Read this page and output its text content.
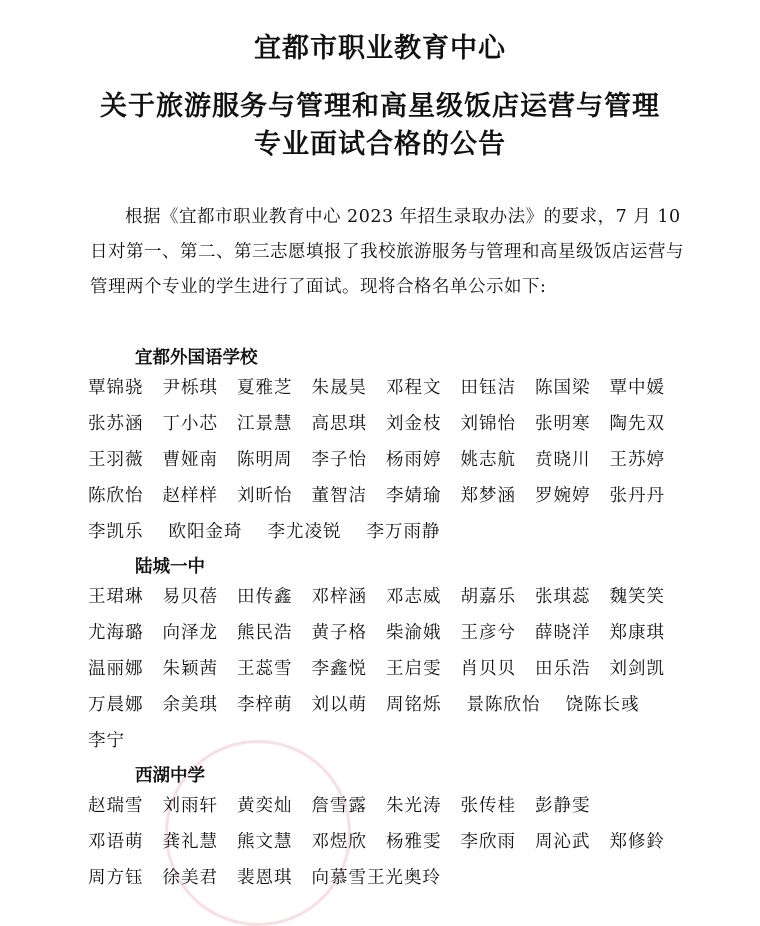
宜都市职业教育中心
关于旅游服务与管理和高星级饭店运营与管理
专业面试合格的公告
根据《宜都市职业教育中心 2023 年招生录取办法》的要求，7 月 10 日对第一、第二、第三志愿填报了我校旅游服务与管理和高星级饭店运营与管理两个专业的学生进行了面试。现将合格名单公示如下:
宜都外国语学校
覃锦骁 尹栎琪 夏雅芝 朱晟昊 邓程文 田钰洁 陈国梁 覃中媛
张苏涵 丁小芯 江景慧 高思琪 刘金枝 刘锦怡 张明寒 陶先双
王羽薇 曹娅南 陈明周 李子怡 杨雨婷 姚志航 贲晓川 王苏婷
陈欣怡 赵样样 刘昕怡 董智洁 李婧瑜 郑梦涵 罗婉婷 张丹丹
李凯乐 欧阳金琦 李尤凌锐 李万雨静
陆城一中
王珺琳 易贝蓓 田传鑫 邓梓涵 邓志威 胡嘉乐 张琪蕊 魏笑笑
尤海璐 向泽龙 熊民浩 黄子格 柴渝娥 王彦兮 薛晓洋 郑康琪
温丽娜 朱颖茜 王蕊雪 李鑫悦 王启雯 肖贝贝 田乐浩 刘剑凯
万晨娜 余美琪 李梓萌 刘以萌 周铭烁 景陈欣怡 饶陈长彧
李宁
西湖中学
赵瑞雪 刘雨轩 黄奕灿 詹雪露 朱光涛 张传桂 彭静雯
邓语萌 龚礼慧 熊文慧 邓煜欣 杨雅雯 李欣雨 周沁武 郑修鈴
周方钰 徐美君 裴恩琪 向慕雪王光奥玲
